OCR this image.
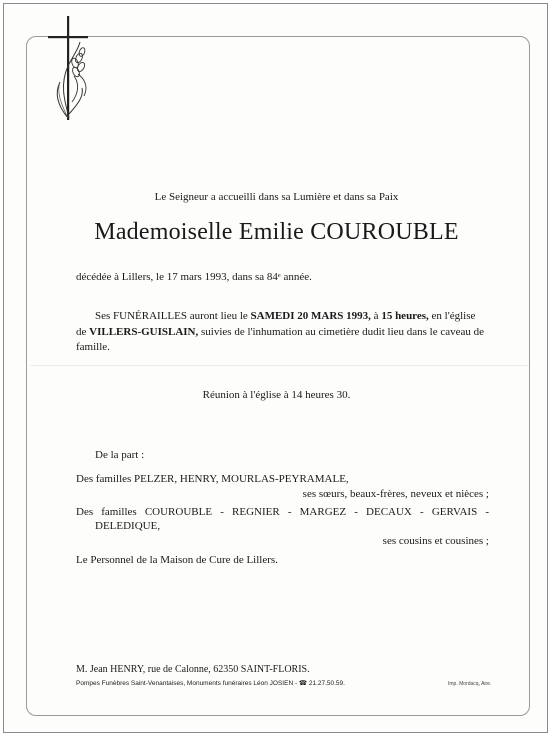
Le Seigneur a accueilli dans sa Lumière et dans sa Paix
Mademoiselle Emilie COUROUBLE
décédée à Lillers, le 17 mars 1993, dans sa 84ᵉ année.
Ses FUNÉRAILLES auront lieu le SAMEDI 20 MARS 1993, à 15 heures, en l'église
de VILLERS-GUISLAIN, suivies de l'inhumation au cimetière dudit lieu dans le caveau de
famille.
Réunion à l'église à 14 heures 30.
De la part :
Des familles PELZER, HENRY, MOURLAS-PEYRAMALE,
ses sœurs, beaux-frères, neveux et nièces ;
Des familles COUROUBLE - REGNIER - MARGEZ - DECAUX - GERVAIS -
DELEDIQUE,
ses cousins et cousines ;
Le Personnel de la Maison de Cure de Lillers.
M. Jean HENRY, rue de Calonne, 62350 SAINT-FLORIS.
Pompes Funèbres Saint-Venantaises, Monuments funéraires Léon JOSIEN - ☎ 21.27.50.59.	Imp. Mordacq, Aire.
